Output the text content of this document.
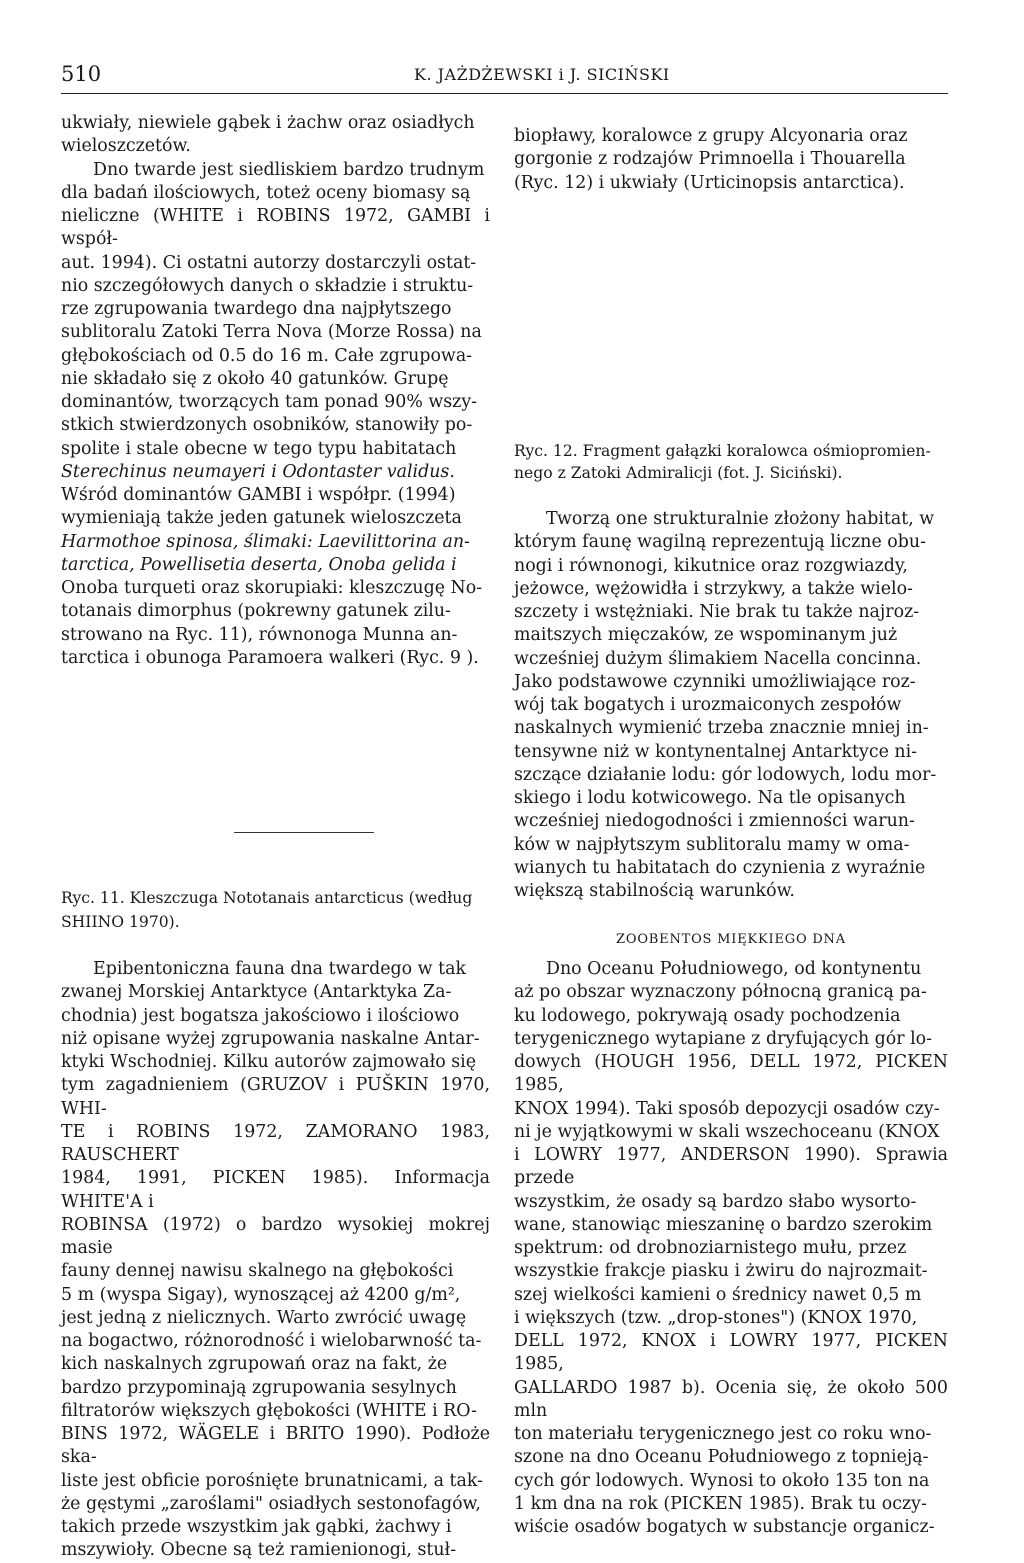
510	K. JAŻDŻEWSKI i J. SICIŃSKI

ukwiały, niewiele gąbek i żachw oraz osiadłych
wieloszczetów.

Dno twarde jest siedliskiem bardzo trudnym
dla badań ilościowych, toteż oceny biomasy są
nieliczne (WHITE i ROBINS 1972, GAMBI i współ-
aut. 1994). Ci ostatni autorzy dostarczyli ostat-
nio szczegółowych danych o składzie i struktu-
rze zgrupowania twardego dna najpłytszego
sublitoralu Zatoki Terra Nova (Morze Rossa) na
głębokościach od 0.5 do 16 m. Całe zgrupowa-
nie składało się z około 40 gatunków. Grupę
dominantów, tworzących tam ponad 90% wszy-
stkich stwierdzonych osobników, stanowiły po-
spolite i stale obecne w tego typu habitatach
Sterechinus neumayeri i Odontaster validus.
Wśród dominantów GAMBI i współpr. (1994)
wymieniają także jeden gatunek wieloszczeta
Harmothoe spinosa, ślimaki: Laevilittorina an-
tarctica, Powellisetia deserta, Onoba gelida i
Onoba turqueti oraz skorupiaki: kleszczugę No-
totanais dimorphus (pokrewny gatunek zilu-
strowano na Ryc. 11), równonoga Munna an-
tarctica i obunoga Paramoera walkeri (Ryc. 9 ).

Ryc. 11. Kleszczuga Nototanais antarcticus (według
SHIINO 1970).

Epibentoniczna fauna dna twardego w tak
zwanej Morskiej Antarktyce (Antarktyka Za-
chodnia) jest bogatsza jakościowo i ilościowo
niż opisane wyżej zgrupowania naskalne Antar-
ktyki Wschodniej. Kilku autorów zajmowało się
tym zagadnieniem (GRUZOV i PUŠKIN 1970, WHI-
TE i ROBINS 1972, ZAMORANO 1983, RAUSCHERT
1984, 1991, PICKEN 1985). Informacja WHITE'A i
ROBINSA (1972) o bardzo wysokiej mokrej masie
fauny dennej nawisu skalnego na głębokości
5 m (wyspa Sigay), wynoszącej aż 4200 g/m²,
jest jedną z nielicznych. Warto zwrócić uwagę
na bogactwo, różnorodność i wielobarwność ta-
kich naskalnych zgrupowań oraz na fakt, że
bardzo przypominają zgrupowania sesylnych
filtratorów większych głębokości (WHITE i RO-
BINS 1972, WÄGELE i BRITO 1990). Podłoże ska-
liste jest obficie porośnięte brunatnicami, a tak-
że gęstymi „zaroślami" osiadłych sestonofagów,
takich przede wszystkim jak gąbki, żachwy i
mszywioły. Obecne są też ramienionogi, stuł-

biopławy, koralowce z grupy Alcyonaria oraz
gorgonie z rodzajów Primnoella i Thouarella
(Ryc. 12) i ukwiały (Urticinopsis antarctica).

Ryc. 12. Fragment gałązki koralowca ośmiopromien-
nego z Zatoki Admiralicji (fot. J. Siciński).

Tworzą one strukturalnie złożony habitat, w
którym faunę wagilną reprezentują liczne obu-
nogi i równonogi, kikutnice oraz rozgwiazdy,
jeżowce, wężowidła i strzykwy, a także wielo-
szczety i wstężniaki. Nie brak tu także najroz-
maitszych mięczaków, ze wspominanym już
wcześniej dużym ślimakiem Nacella concinna.
Jako podstawowe czynniki umożliwiające roz-
wój tak bogatych i urozmaiconych zespołów
naskalnych wymienić trzeba znacznie mniej in-
tensywne niż w kontynentalnej Antarktyce ni-
szczące działanie lodu: gór lodowych, lodu mor-
skiego i lodu kotwicowego. Na tle opisanych
wcześniej niedogodności i zmienności warun-
ków w najpłytszym sublitoralu mamy w oma-
wianych tu habitatach do czynienia z wyraźnie
większą stabilnością warunków.

ZOOBENTOS MIĘKKIEGO DNA

Dno Oceanu Południowego, od kontynentu
aż po obszar wyznaczony północną granicą pa-
ku lodowego, pokrywają osady pochodzenia
terygenicznego wytapiane z dryfujących gór lo-
dowych (HOUGH 1956, DELL 1972, PICKEN 1985,
KNOX 1994). Taki sposób depozycji osadów czy-
ni je wyjątkowymi w skali wszechoceanu (KNOX
i LOWRY 1977, ANDERSON 1990). Sprawia przede
wszystkim, że osady są bardzo słabo wysorto-
wane, stanowiąc mieszaninę o bardzo szerokim
spektrum: od drobnoziarnistego mułu, przez
wszystkie frakcje piasku i żwiru do najrozmait-
szej wielkości kamieni o średnicy nawet 0,5 m
i większych (tzw. „drop-stones") (KNOX 1970,
DELL 1972, KNOX i LOWRY 1977, PICKEN 1985,
GALLARDO 1987 b). Ocenia się, że około 500 mln
ton materiału terygenicznego jest co roku wno-
szone na dno Oceanu Południowego z topnieją-
cych gór lodowych. Wynosi to około 135 ton na
1 km dna na rok (PICKEN 1985). Brak tu oczy-
wiście osadów bogatych w substancje organicz-
